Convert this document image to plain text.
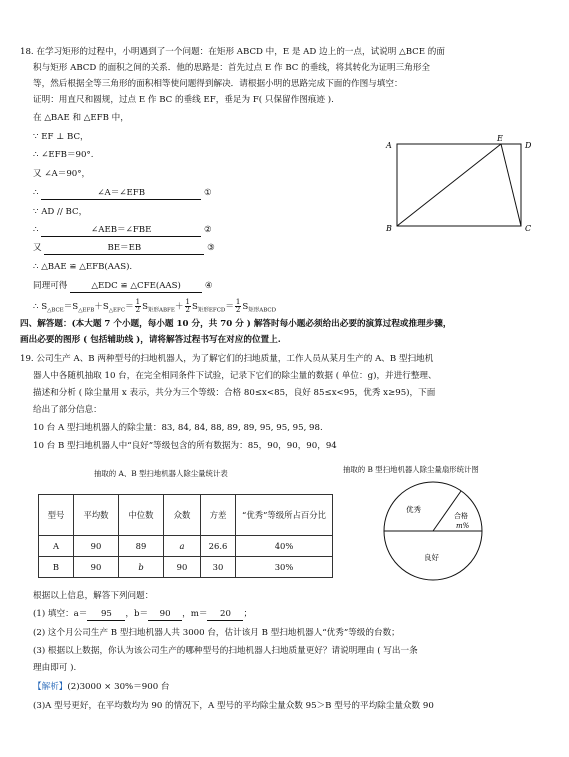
18. 在学习矩形的过程中，小明遇到了一个问题：在矩形 ABCD 中，E 是 AD 边上的一点，试说明 △BCE 的面
积与矩形 ABCD 的面积之间的关系．他的思路是：首先过点 E 作 BC 的垂线，将其转化为证明三角形全
等，然后根据全等三角形的面积相等使问题得到解决．请根据小明的思路完成下面的作图与填空：
证明：用直尺和圆规，过点 E 作 BC 的垂线 EF，垂足为 F( 只保留作图痕迹 ).
在 △BAE 和 △EFB 中，
∵ EF ⊥ BC，
∴ ∠EFB＝90°.
又 ∠A＝90°，
∴	∠A＝∠EFB	①
∵ AD // BC，
∴	∠AEB＝∠FBE	②
又	BE＝EB	③
∴ △BAE ≌ △EFB(AAS).
同理可得	△EDC ≌ △CFE(AAS)	④
∴ $S_{\triangle BCE}=S_{\triangle EFB}+S_{\triangle EFC}= \frac{1}{2} S_{矩形ABFE}+ \frac{1}{2} S_{矩形EFCD}= \frac{1}{2} S_{矩形ABCD}$
A
E
D
B	C
四、解答题：(本大题 7 个小题，每小题 10 分，共 70 分 ) 解答时每小题必须给出必要的演算过程或推理步骤，
画出必要的图形 ( 包括辅助线 )，请将解答过程书写在对应的位置上.
19. 公司生产 A、B 两种型号的扫地机器人，为了解它们的扫地质量，工作人员从某月生产的 A、B 型扫地机
器人中各随机抽取 10 台，在完全相同条件下试验，记录下它们的除尘量的数据 ( 单位：g)，并进行整理、
描述和分析 ( 除尘量用 x 表示，共分为三个等级：合格 80≤x<85，良好 85≤x<95，优秀 x≥95)，下面
给出了部分信息：
10 台 A 型扫地机器人的除尘量：83, 84, 84, 88, 89, 89, 95, 95, 95, 98.
10 台 B 型扫地机器人中“良好”等级包含的所有数据为：85，90，90，90，94
抽取的 A、B 型扫地机器人除尘量统计表	抽取的 B 型扫地机器人除尘量扇形统计图
型号	平均数	中位数	众数	方差	“优秀”等级所占百分比
A	90	89	a	26.6	40%
B	90	b	90	30	30%
优秀
合格
m%
良好
根据以上信息，解答下列问题：
(1) 填空：a＝ 95 ，b＝ 90 ，m＝ 20 ；
(2) 这个月公司生产 B 型扫地机器人共 3000 台，估计该月 B 型扫地机器人“优秀”等级的台数；
(3) 根据以上数据，你认为该公司生产的哪种型号的扫地机器人扫地质量更好？请说明理由 ( 写出一条
理由即可 ).
【解析】(2)3000 × 30%＝900 台
(3)A 型号更好，在平均数均为 90 的情况下，A 型号的平均除尘量众数 95＞B 型号的平均除尘量众数 90
